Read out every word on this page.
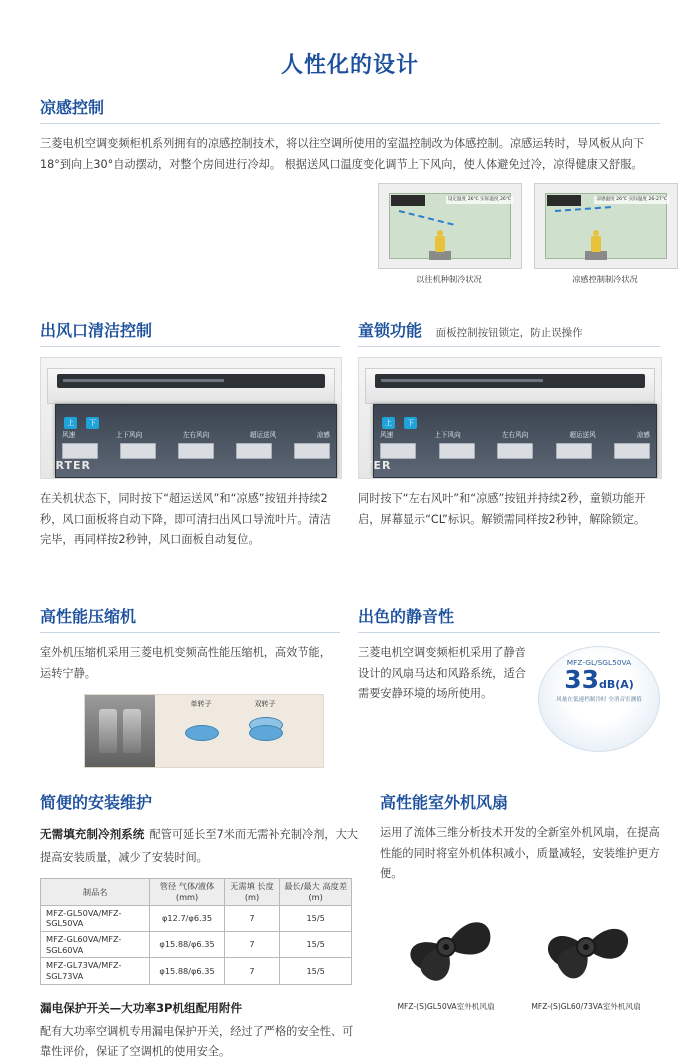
人性化的设计
凉感控制
三菱电机空调变频柜机系列拥有的凉感控制技术，将以往空调所使用的室温控制改为体感控制。凉感运转时，导风板从向下18°到向上30°自动摆动，对整个房间进行冷却。 根据送风口温度变化调节上下风向，使人体避免过冷，凉得健康又舒服。
设定温度 26℃ 实际温度 26℃
以往机种制冷状况
凉感温度 26℃ 实际温度 26-27℃
凉感控制制冷状况
出风口清洁控制
上 下
风速	上下风向	左右风向	超运送风	凉感
ERTER
在关机状态下，同时按下“超运送风”和“凉感”按钮并持续2秒，风口面板将自动下降，即可清扫出风口导流叶片。清洁完毕，再同样按2秒钟，风口面板自动复位。
童锁功能 面板控制按钮锁定，防止误操作
上 下
风速	上下风向	左右风向	超运送风	凉感
TER
同时按下“左右风叶”和“凉感”按钮并持续2秒，童锁功能开启，屏幕显示“CL”标识。解锁需同样按2秒钟，解除锁定。
高性能压缩机
室外机压缩机采用三菱电机变频高性能压缩机，高效节能，运转宁静。
单转子	双转子
出色的静音性
三菱电机空调变频柜机采用了静音设计的风扇马达和风路系统，适合需要安静环境的场所使用。
MFZ-GL/SGL50VA
33dB(A)
风量在低速档制冷时 全消音室测值
简便的安装维护
无需填充制冷剂系统 配管可延长至7米而无需补充制冷剂，大大提高安装质量，减少了安装时间。
制品名	管径 气体/液体(mm)	无需填 长度(m)	最长/最大 高度差(m)
MFZ-GL50VA/MFZ-SGL50VA	φ12.7/φ6.35	7	15/5
MFZ-GL60VA/MFZ-SGL60VA	φ15.88/φ6.35	7	15/5
MFZ-GL73VA/MFZ-SGL73VA	φ15.88/φ6.35	7	15/5
漏电保护开关—大功率3P机组配用附件
配有大功率空调机专用漏电保护开关，经过了严格的安全性、可靠性评价，保证了空调机的使用安全。
高性能室外机风扇
运用了流体三维分析技术开发的全新室外机风扇，在提高性能的同时将室外机体积减小，质量减轻，安装维护更方便。
MFZ-(S)GL50VA室外机风扇	MFZ-(S)GL60/73VA室外机风扇
